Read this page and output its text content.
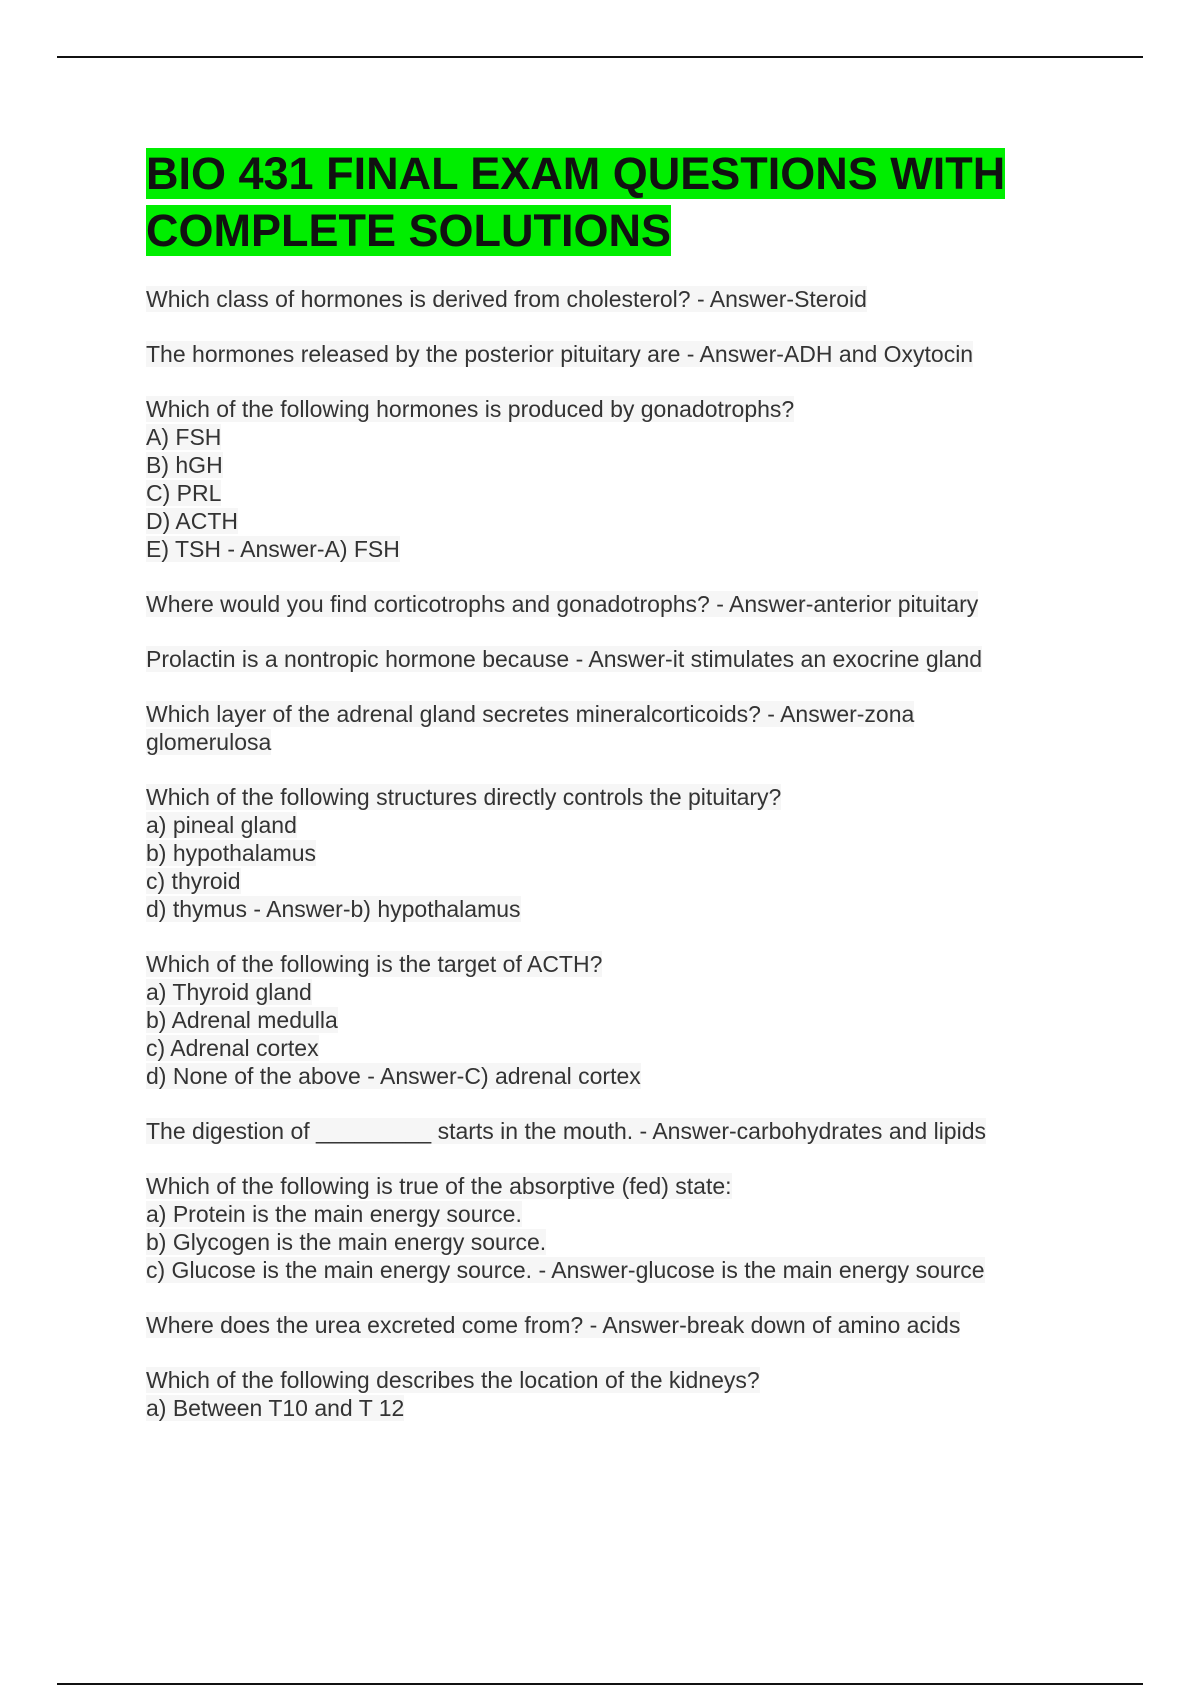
BIO 431 FINAL EXAM QUESTIONS WITH
COMPLETE SOLUTIONS
Which class of hormones is derived from cholesterol? - Answer-Steroid
The hormones released by the posterior pituitary are - Answer-ADH and Oxytocin
Which of the following hormones is produced by gonadotrophs?
A) FSH
B) hGH
C) PRL
D) ACTH
E) TSH - Answer-A) FSH
Where would you find corticotrophs and gonadotrophs? - Answer-anterior pituitary
Prolactin is a nontropic hormone because - Answer-it stimulates an exocrine gland
Which layer of the adrenal gland secretes mineralcorticoids? - Answer-zona
glomerulosa
Which of the following structures directly controls the pituitary?
a) pineal gland
b) hypothalamus
c) thyroid
d) thymus - Answer-b) hypothalamus
Which of the following is the target of ACTH?
a) Thyroid gland
b) Adrenal medulla
c) Adrenal cortex
d) None of the above - Answer-C) adrenal cortex
The digestion of _________ starts in the mouth. - Answer-carbohydrates and lipids
Which of the following is true of the absorptive (fed) state:
a) Protein is the main energy source.
b) Glycogen is the main energy source.
c) Glucose is the main energy source. - Answer-glucose is the main energy source
Where does the urea excreted come from? - Answer-break down of amino acids
Which of the following describes the location of the kidneys?
a) Between T10 and T 12
